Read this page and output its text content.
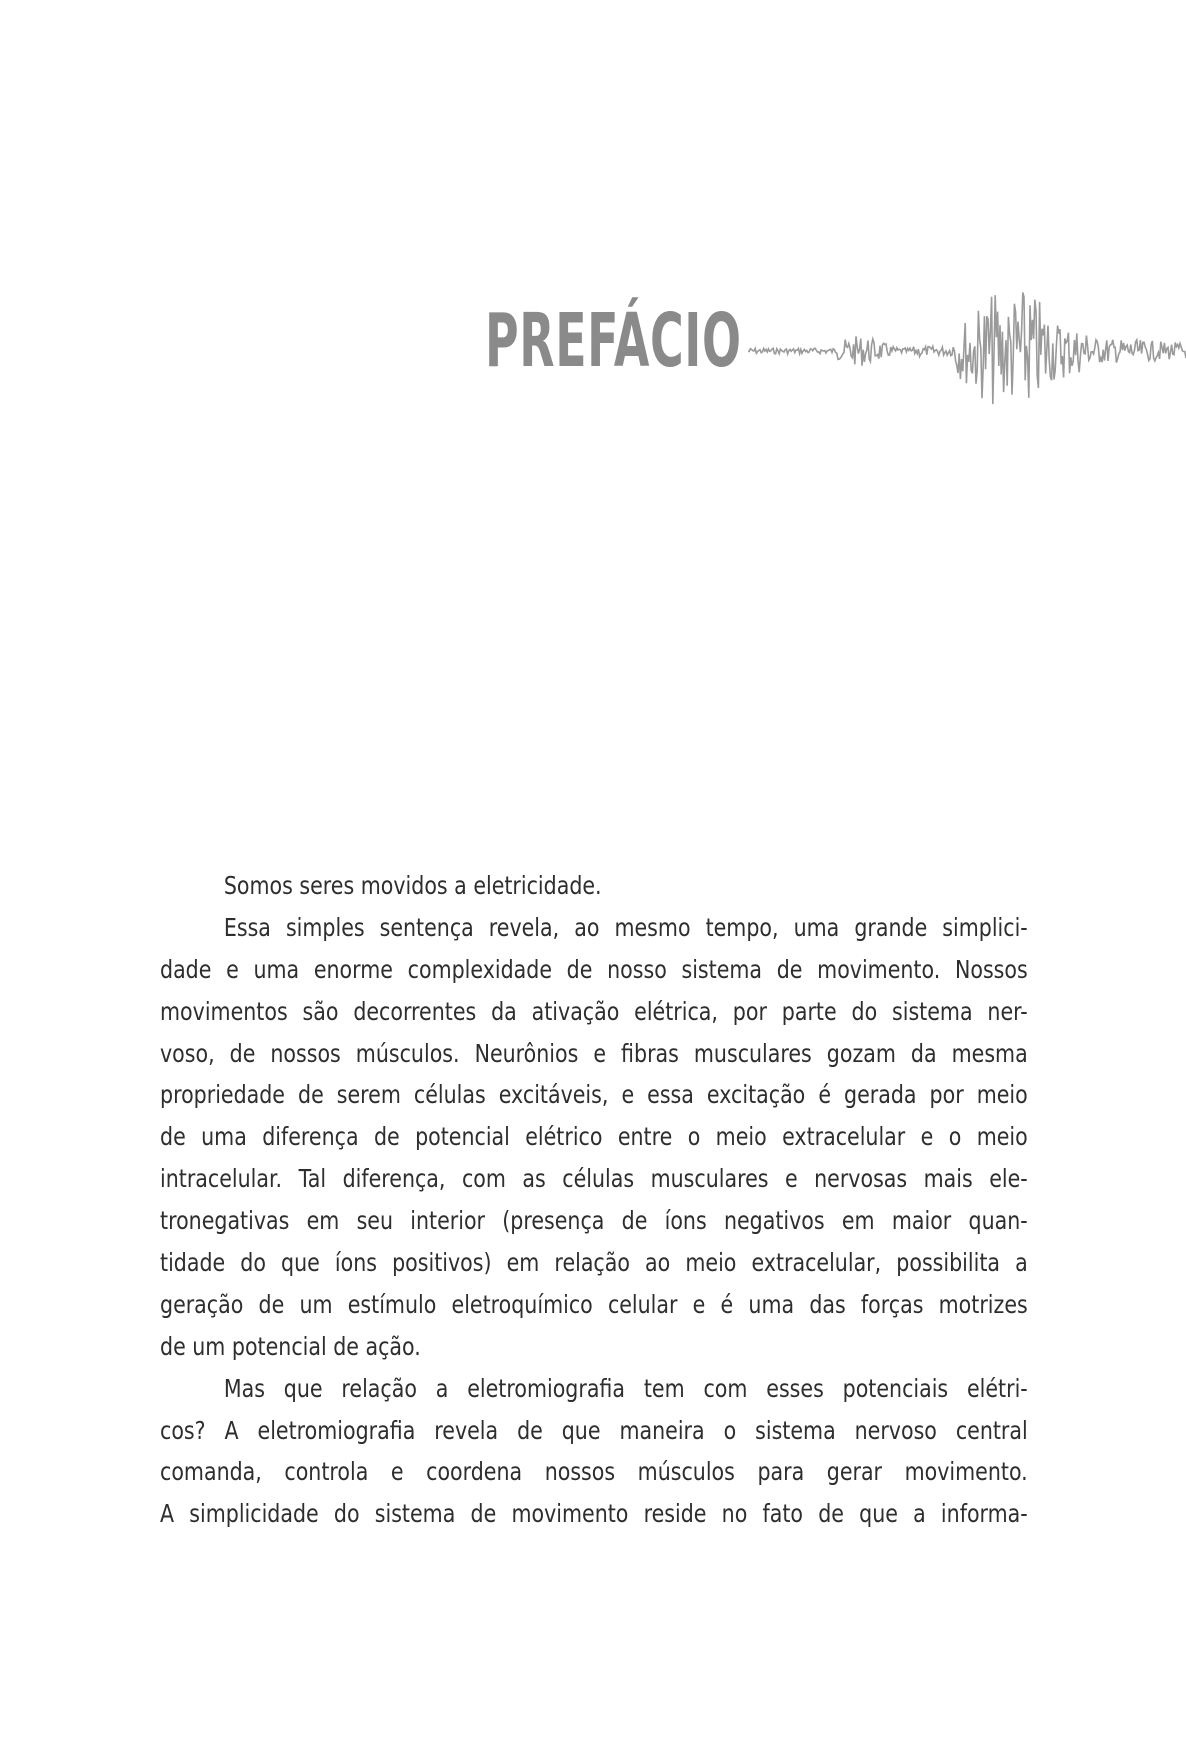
PREFÁCIO
Somos seres movidos a eletricidade.
Essa simples sentença revela, ao mesmo tempo, uma grande simplici-
dade e uma enorme complexidade de nosso sistema de movimento. Nossos
movimentos são decorrentes da ativação elétrica, por parte do sistema ner-
voso, de nossos músculos. Neurônios e fibras musculares gozam da mesma
propriedade de serem células excitáveis, e essa excitação é gerada por meio
de uma diferença de potencial elétrico entre o meio extracelular e o meio
intracelular. Tal diferença, com as células musculares e nervosas mais ele-
tronegativas em seu interior (presença de íons negativos em maior quan-
tidade do que íons positivos) em relação ao meio extracelular, possibilita a
geração de um estímulo eletroquímico celular e é uma das forças motrizes
de um potencial de ação.
Mas que relação a eletromiografia tem com esses potenciais elétri-
cos? A eletromiografia revela de que maneira o sistema nervoso central
comanda, controla e coordena nossos músculos para gerar movimento.
A simplicidade do sistema de movimento reside no fato de que a informa-
